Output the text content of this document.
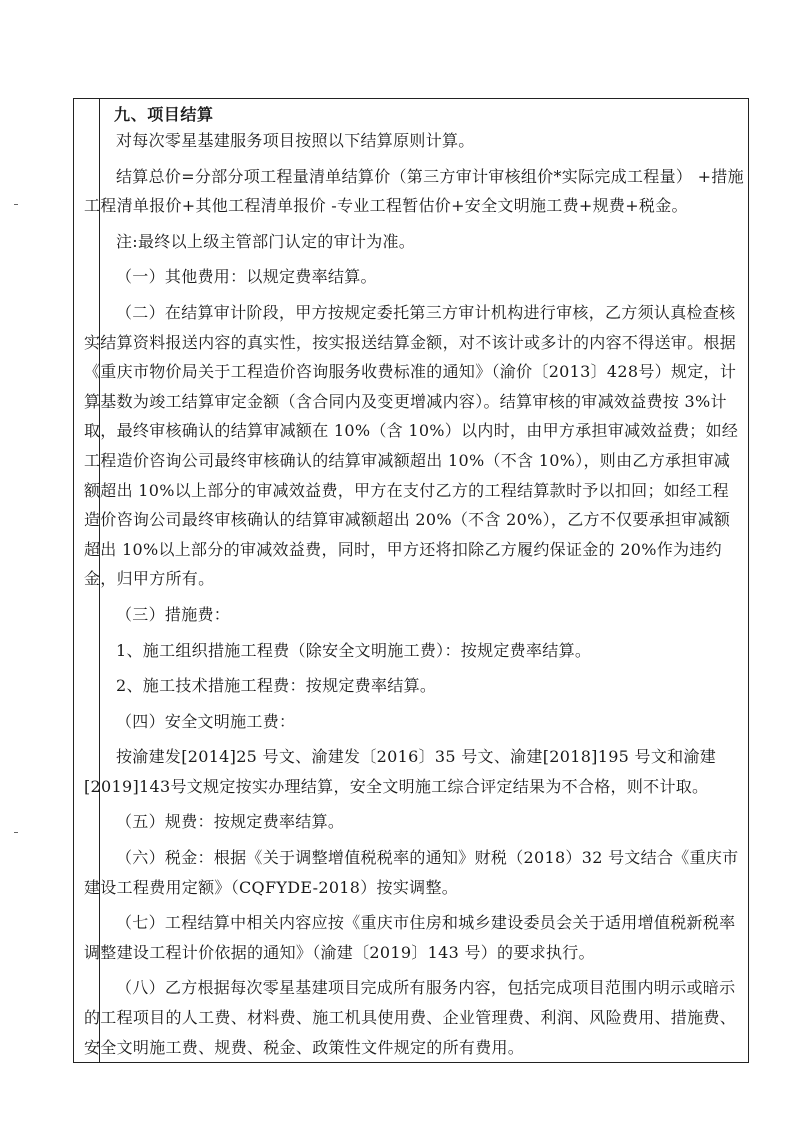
九、项目结算

对每次零星基建服务项目按照以下结算原则计算。

结算总价=分部分项工程量清单结算价（第三方审计审核组价*实际完成工程量） +措施工程清单报价+其他工程清单报价 -专业工程暂估价+安全文明施工费+规费+税金。

注:最终以上级主管部门认定的审计为准。

（一）其他费用：以规定费率结算。

（二）在结算审计阶段，甲方按规定委托第三方审计机构进行审核，乙方须认真检查核实结算资料报送内容的真实性，按实报送结算金额，对不该计或多计的内容不得送审。根据《重庆市物价局关于工程造价咨询服务收费标准的通知》（渝价〔2013〕428号）规定，计算基数为竣工结算审定金额（含合同内及变更增减内容）。结算审核的审减效益费按 3%计取，最终审核确认的结算审减额在 10%（含 10%）以内时，由甲方承担审减效益费；如经工程造价咨询公司最终审核确认的结算审减额超出 10%（不含 10%），则由乙方承担审减额超出 10%以上部分的审减效益费，甲方在支付乙方的工程结算款时予以扣回；如经工程造价咨询公司最终审核确认的结算审减额超出 20%（不含 20%），乙方不仅要承担审减额超出 10%以上部分的审减效益费，同时，甲方还将扣除乙方履约保证金的 20%作为违约金，归甲方所有。

（三）措施费：

1、施工组织措施工程费（除安全文明施工费）：按规定费率结算。

2、施工技术措施工程费：按规定费率结算。

（四）安全文明施工费：

按渝建发[2014]25 号文、渝建发〔2016〕35 号文、渝建[2018]195 号文和渝建[2019]143号文规定按实办理结算，安全文明施工综合评定结果为不合格，则不计取。

（五）规费：按规定费率结算。

（六）税金：根据《关于调整增值税税率的通知》财税（2018）32 号文结合《重庆市建设工程费用定额》（CQFYDE-2018）按实调整。

（七）工程结算中相关内容应按《重庆市住房和城乡建设委员会关于适用增值税新税率调整建设工程计价依据的通知》（渝建〔2019〕143 号）的要求执行。

（八）乙方根据每次零星基建项目完成所有服务内容，包括完成项目范围内明示或暗示的工程项目的人工费、材料费、施工机具使用费、企业管理费、利润、风险费用、措施费、安全文明施工费、规费、税金、政策性文件规定的所有费用。
